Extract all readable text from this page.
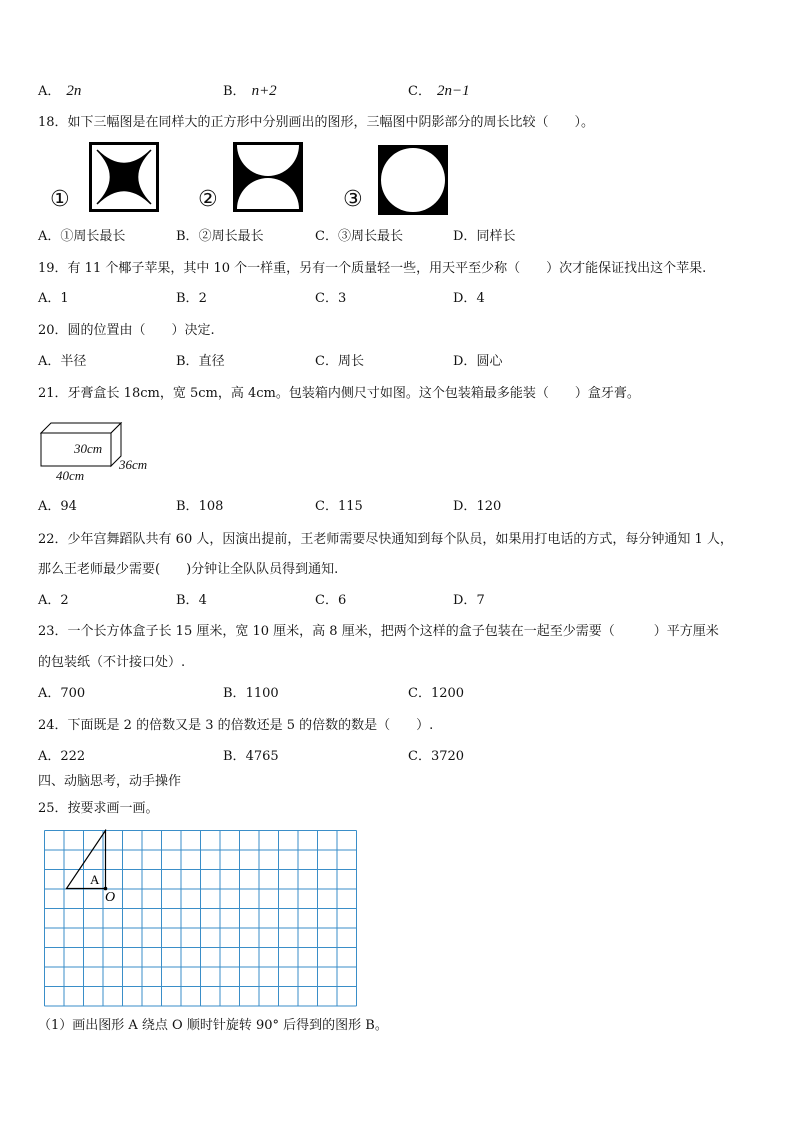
A． 2n	B． n+2	C． 2n−1
18．如下三幅图是在同样大的正方形中分别画出的图形，三幅图中阴影部分的周长比较（　　）。
①	②	③
A．①周长最长	B．②周长最长	C．③周长最长	D．同样长
19．有 11 个椰子苹果，其中 10 个一样重，另有一个质量轻一些，用天平至少称（　　）次才能保证找出这个苹果.
A．1	B．2	C．3	D．4
20．圆的位置由（　　）决定.
A．半径	B．直径	C．周长	D．圆心
21．牙膏盒长 18cm，宽 5cm，高 4cm。包装箱内侧尺寸如图。这个包装箱最多能装（　　）盒牙膏。
30cm
36cm
40cm
A．94	B．108	C．115	D．120
22．少年宫舞蹈队共有 60 人，因演出提前，王老师需要尽快通知到每个队员，如果用打电话的方式，每分钟通知 1 人，
那么王老师最少需要(　　)分钟让全队队员得到通知.
A．2	B．4	C．6	D．7
23．一个长方体盒子长 15 厘米，宽 10 厘米，高 8 厘米，把两个这样的盒子包装在一起至少需要（　　　）平方厘米
的包装纸（不计接口处）.
A．700	B．1100	C．1200
24．下面既是 2 的倍数又是 3 的倍数还是 5 的倍数的数是（　　）.
A．222	B．4765	C．3720
四、动脑思考，动手操作
25．按要求画一画。
A
O
（1）画出图形 A 绕点 O 顺时针旋转 90° 后得到的图形 B。
